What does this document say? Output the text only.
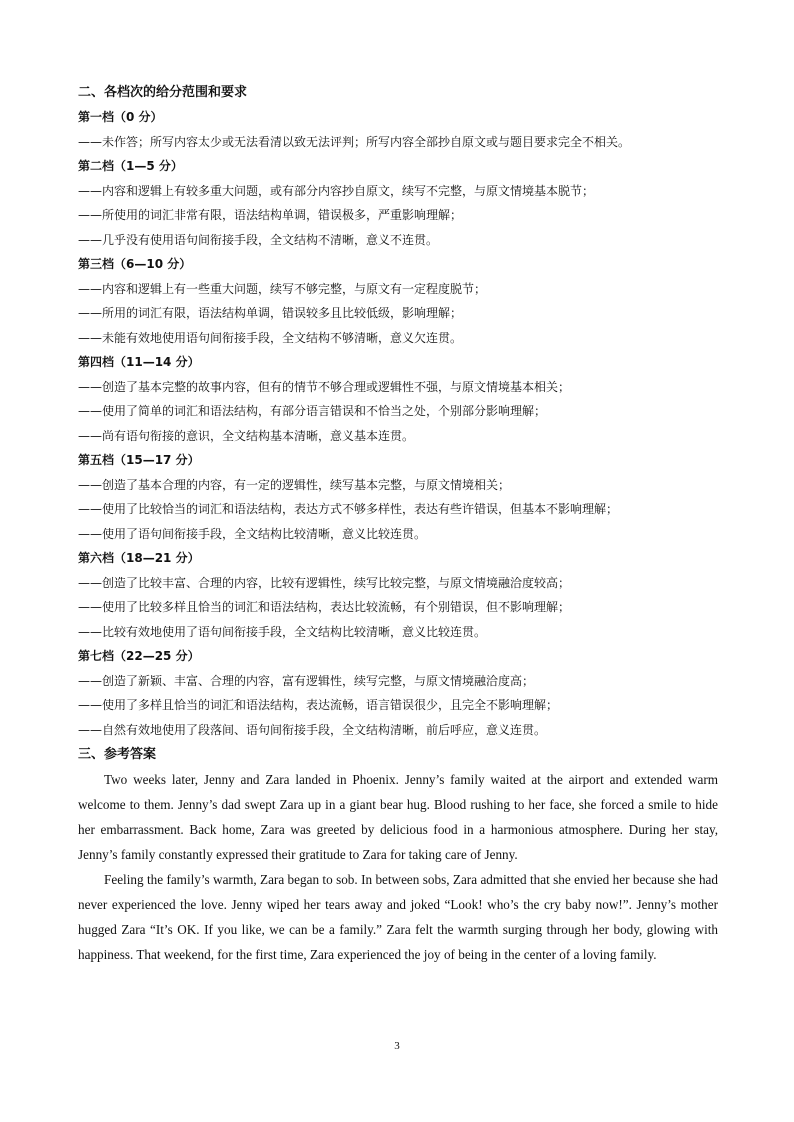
二、各档次的给分范围和要求
第一档（0 分）
——未作答；所写内容太少或无法看清以致无法评判；所写内容全部抄自原文或与题目要求完全不相关。
第二档（1—5 分）
——内容和逻辑上有较多重大问题，或有部分内容抄自原文，续写不完整，与原文情境基本脱节；
——所使用的词汇非常有限，语法结构单调，错误极多，严重影响理解；
——几乎没有使用语句间衔接手段，全文结构不清晰，意义不连贯。
第三档（6—10 分）
——内容和逻辑上有一些重大问题，续写不够完整，与原文有一定程度脱节；
——所用的词汇有限，语法结构单调，错误较多且比较低级，影响理解；
——未能有效地使用语句间衔接手段，全文结构不够清晰，意义欠连贯。
第四档（11—14 分）
——创造了基本完整的故事内容，但有的情节不够合理或逻辑性不强，与原文情境基本相关；
——使用了简单的词汇和语法结构，有部分语言错误和不恰当之处，个别部分影响理解；
——尚有语句衔接的意识，全文结构基本清晰，意义基本连贯。
第五档（15—17 分）
——创造了基本合理的内容，有一定的逻辑性，续写基本完整，与原文情境相关；
——使用了比较恰当的词汇和语法结构，表达方式不够多样性，表达有些许错误，但基本不影响理解；
——使用了语句间衔接手段，全文结构比较清晰，意义比较连贯。
第六档（18—21 分）
——创造了比较丰富、合理的内容，比较有逻辑性，续写比较完整，与原文情境融洽度较高；
——使用了比较多样且恰当的词汇和语法结构，表达比较流畅，有个别错误，但不影响理解；
——比较有效地使用了语句间衔接手段，全文结构比较清晰，意义比较连贯。
第七档（22—25 分）
——创造了新颖、丰富、合理的内容，富有逻辑性，续写完整，与原文情境融洽度高；
——使用了多样且恰当的词汇和语法结构，表达流畅，语言错误很少，且完全不影响理解；
——自然有效地使用了段落间、语句间衔接手段，全文结构清晰，前后呼应，意义连贯。
三、参考答案

Two weeks later, Jenny and Zara landed in Phoenix. Jenny’s family waited at the airport and extended warm welcome to them. Jenny’s dad swept Zara up in a giant bear hug. Blood rushing to her face, she forced a smile to hide her embarrassment. Back home, Zara was greeted by delicious food in a harmonious atmosphere. During her stay, Jenny’s family constantly expressed their gratitude to Zara for taking care of Jenny.

Feeling the family’s warmth, Zara began to sob. In between sobs, Zara admitted that she envied her because she had never experienced the love. Jenny wiped her tears away and joked “Look! who’s the cry baby now!”. Jenny’s mother hugged Zara “It’s OK. If you like, we can be a family.” Zara felt the warmth surging through her body, glowing with happiness. That weekend, for the first time, Zara experienced the joy of being in the center of a loving family.

3
